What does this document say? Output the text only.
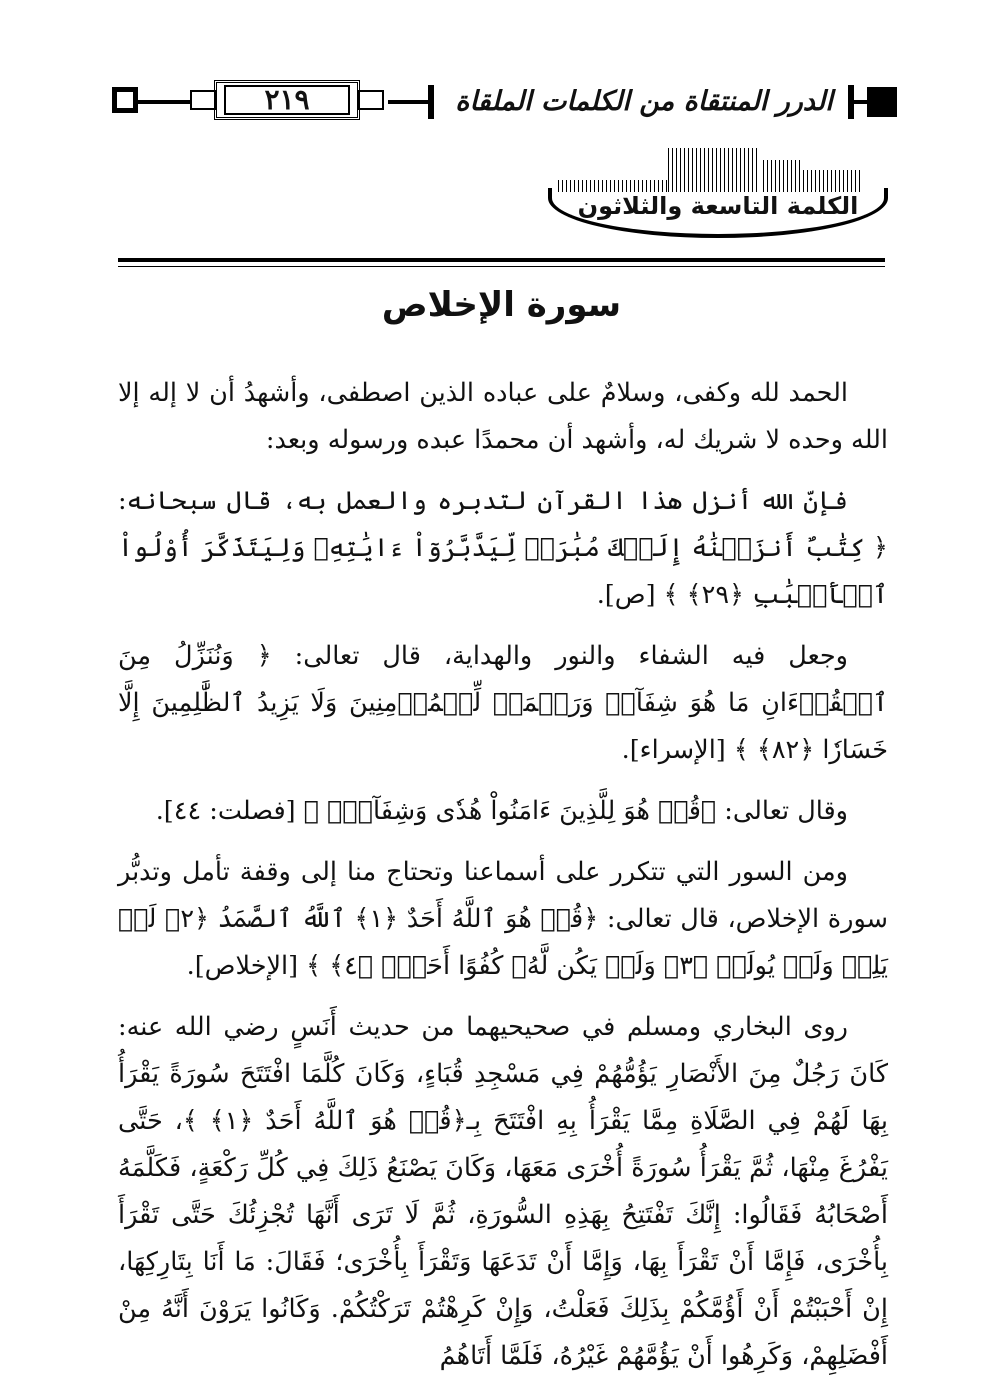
٢١٩	الدرر المنتقاة من الكلمات الملقاة
الكلمة التاسعة والثلاثون
سورة الإخلاص

الحمد لله وكفى، وسلامٌ على عباده الذين اصطفى، وأشهدُ أن لا إله إلا الله وحده لا شريك له، وأشهد أن محمدًا عبده ورسوله وبعد:

فإنّ الله أنزل هذا القرآن لتدبره والعمل به، قال سبحانه: ﴿ كِتَٰبٌ أَنزَلۡنَٰهُ إِلَيۡكَ مُبَٰرَكٞ لِّيَدَّبَّرُوٓاْ ءَايَٰتِهِۦ وَلِيَتَذَكَّرَ أُوْلُواْ ٱلۡأَلۡبَٰبِ ﴿٢٩﴾ ﴾ [ص].

وجعل فيه الشفاء والنور والهداية، قال تعالى: ﴿ وَنُنَزِّلُ مِنَ ٱلۡقُرۡءَانِ مَا هُوَ شِفَآءٞ وَرَحۡمَةٞ لِّلۡمُؤۡمِنِينَ وَلَا يَزِيدُ ٱلظَّٰلِمِينَ إِلَّا خَسَارٗا ﴿٨٢﴾ ﴾ [الإسراء].

وقال تعالى: ﴿قُلۡ هُوَ لِلَّذِينَ ءَامَنُواْ هُدٗى وَشِفَآءٞۚ ﴾ [فصلت: ٤٤].

ومن السور التي تتكرر على أسماعنا وتحتاج منا إلى وقفة تأمل وتدبُّر سورة الإخلاص، قال تعالى: ﴿قُلۡ هُوَ ٱللَّهُ أَحَدٌ ﴿١﴾ ٱللَّهُ ٱلصَّمَدُ ﴿٢﴾ لَمۡ يَلِدۡ وَلَمۡ يُولَدۡ ﴿٣﴾ وَلَمۡ يَكُن لَّهُۥ كُفُوًا أَحَدُۢ ﴿٤﴾ ﴾ [الإخلاص].

روى البخاري ومسلم في صحيحيهما من حديث أَنَسٍ رضي الله عنه: كَانَ رَجُلٌ مِنَ الأَنْصَارِ يَؤُمُّهُمْ فِي مَسْجِدِ قُبَاءٍ، وَكَانَ كُلَّمَا افْتَتَحَ سُورَةً يَقْرَأُ بِهَا لَهُمْ فِي الصَّلَاةِ مِمَّا يَقْرَأُ بِهِ افْتَتَحَ بِـ﴿قُلۡ هُوَ ٱللَّهُ أَحَدٌ ﴿١﴾ ﴾، حَتَّى يَفْرُغَ مِنْهَا، ثُمَّ يَقْرَأُ سُورَةً أُخْرَى مَعَهَا، وَكَانَ يَصْنَعُ ذَلِكَ فِي كُلِّ رَكْعَةٍ، فَكَلَّمَهُ أَصْحَابُهُ فَقَالُوا: إِنَّكَ تَفْتَتِحُ بِهَذِهِ السُّورَةِ، ثُمَّ لَا تَرَى أَنَّهَا تُجْزِئُكَ حَتَّى تَقْرَأَ بِأُخْرَى، فَإِمَّا أَنْ تَقْرَأَ بِهَا، وَإِمَّا أَنْ تَدَعَهَا وَتَقْرَأَ بِأُخْرَى؛ فَقَالَ: مَا أَنَا بِتَارِكِهَا، إِنْ أَحْبَبْتُمْ أَنْ أَؤُمَّكُمْ بِذَلِكَ فَعَلْتُ، وَإِنْ كَرِهْتُمْ تَرَكْتُكُمْ. وَكَانُوا يَرَوْنَ أَنَّهُ مِنْ أَفْضَلِهِمْ، وَكَرِهُوا أَنْ يَؤُمَّهُمْ غَيْرُهُ، فَلَمَّا أَتَاهُمُ
